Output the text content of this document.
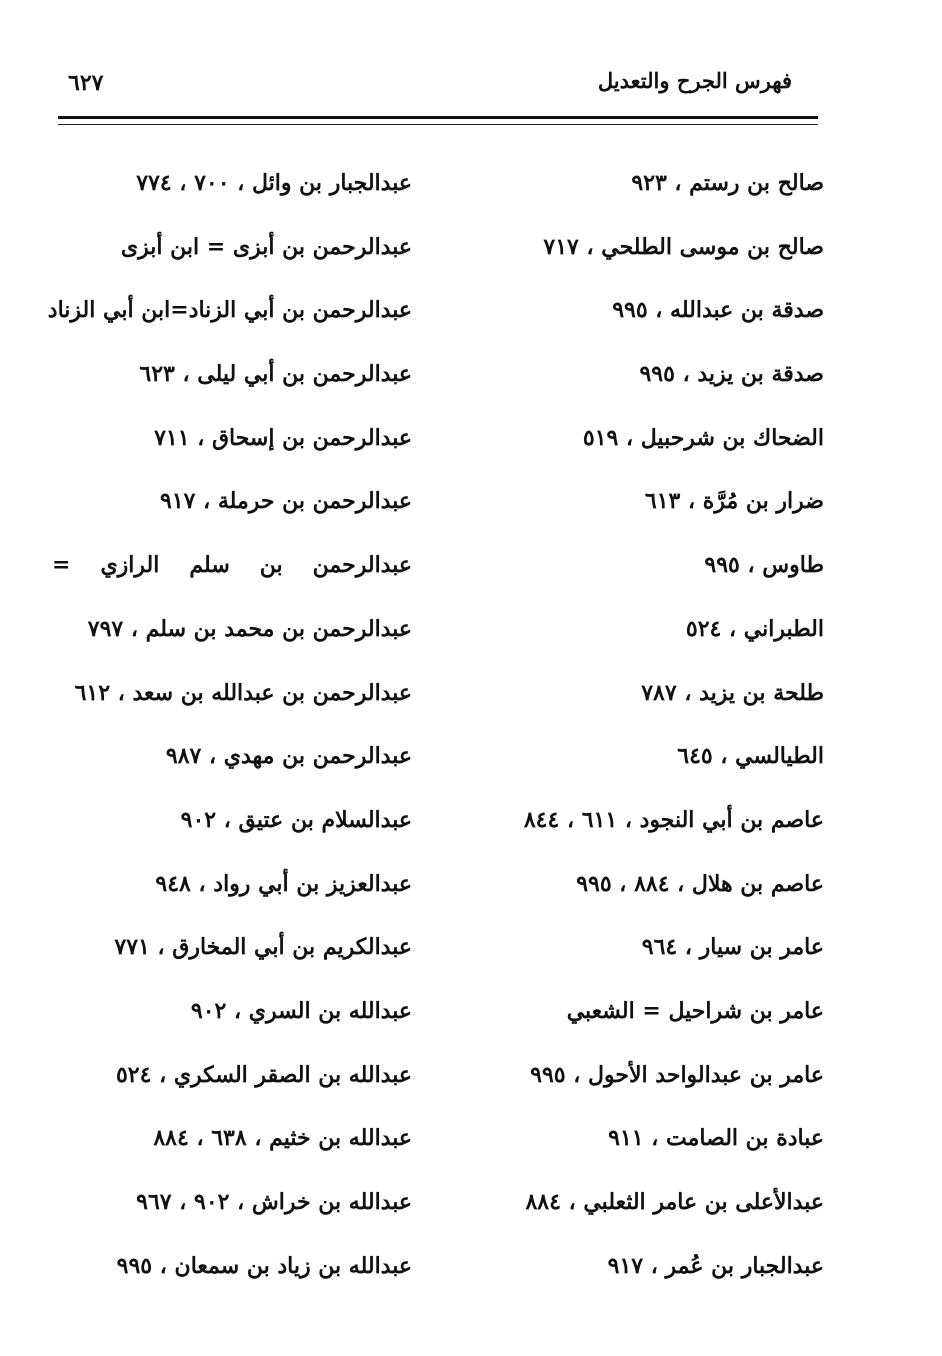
فهرس الجرح والتعديل
٦٢٧
صالح بن رستم ، ٩٢٣
صالح بن موسى الطلحي ، ٧١٧
صدقة بن عبدالله ، ٩٩٥
صدقة بن يزيد ، ٩٩٥
الضحاك بن شرحبيل ، ٥١٩
ضرار بن مُرَّة ، ٦١٣
طاوس ، ٩٩٥
الطبراني ، ٥٢٤
طلحة بن يزيد ، ٧٨٧
الطيالسي ، ٦٤٥
عاصم بن أبي النجود ، ٦١١ ، ٨٤٤
عاصم بن هلال ، ٨٨٤ ، ٩٩٥
عامر بن سيار ، ٩٦٤
عامر بن شراحيل = الشعبي
عامر بن عبدالواحد الأحول ، ٩٩٥
عبادة بن الصامت ، ٩١١
عبدالأعلى بن عامر الثعلبي ، ٨٨٤
عبدالجبار بن عُمر ، ٩١٧
عبدالجبار بن وائل ، ٧٠٠ ، ٧٧٤
عبدالرحمن بن أبزى = ابن أبزى
عبدالرحمن بن أبي الزناد=ابن أبي الزناد
عبدالرحمن بن أبي ليلى ، ٦٢٣
عبدالرحمن بن إسحاق ، ٧١١
عبدالرحمن بن حرملة ، ٩١٧
عبدالرحمن بن سلم الرازي =
عبدالرحمن بن محمد بن سلم ، ٧٩٧
عبدالرحمن بن عبدالله بن سعد ، ٦١٢
عبدالرحمن بن مهدي ، ٩٨٧
عبدالسلام بن عتيق ، ٩٠٢
عبدالعزيز بن أبي رواد ، ٩٤٨
عبدالكريم بن أبي المخارق ، ٧٧١
عبدالله بن السري ، ٩٠٢
عبدالله بن الصقر السكري ، ٥٢٤
عبدالله بن خثيم ، ٦٣٨ ، ٨٨٤
عبدالله بن خراش ، ٩٠٢ ، ٩٦٧
عبدالله بن زياد بن سمعان ، ٩٩٥
